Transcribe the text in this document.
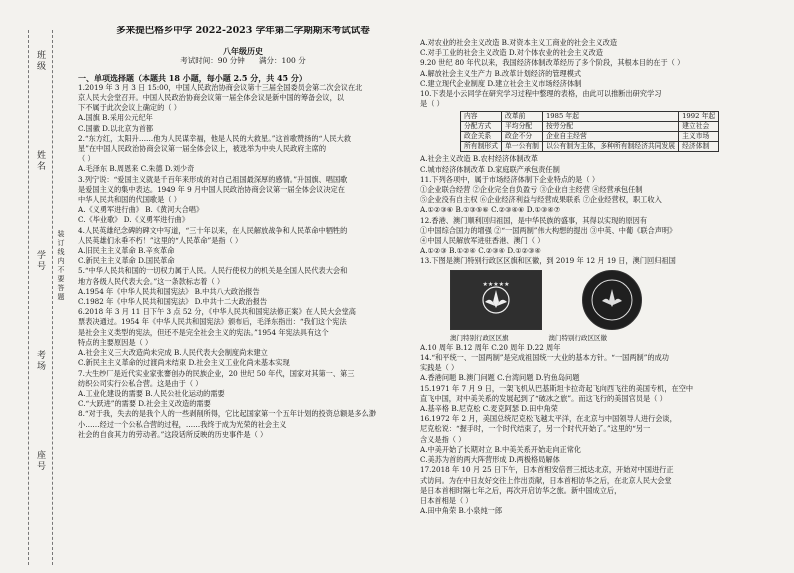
班级
姓名
学号
考场
座号
装订线内不要答题

多来提巴格乡中学 2022-2023 学年第二学期期末考试试卷

八年级历史

考试时间：90 分钟 满分：100 分

一、单项选择题（本题共 18 小题，每小题 2.5 分，共 45 分）

1.2019 年 3 月 3 日 15:00，中国人民政治协商会议第十三届全国委员会第二次会议在北

京人民大会堂召开。中国人民政治协商会议第一届全体会议是新中国的筹备会议，以

下不属于此次会议上确定的（ ）

A.国旗 B.采用公元纪年

C.国徽 D.以北京为首都

2.“东方红，太阳升……他为人民谋幸福，他是人民的大救星。”这首歌赞扬的“人民大救

星”在中国人民政治协商会议第一届全体会议上，被选举为中央人民政府主席的

（ ）

A.毛泽东 B.周恩来 C.朱德 D.刘少奇

3.列宁说：“爱国主义就是千百年来形成的对自己祖国最深厚的感情。”升国旗、唱国歌

是爱国主义的集中表达。1949 年 9 月中国人民政治协商会议第一届全体会议决定在

中华人民共和国的代国歌是（ ）

A.《义勇军进行曲》 B.《黄河大合唱》

C.《毕业歌》 D.《义勇军进行曲》

4.人民英雄纪念碑的碑文中写道，“三十年以来，在人民解放战争和人民革命中牺牲的

人民英雄们永垂不朽！”这里的“人民革命”是指（ ）

A.旧民主主义革命 B.辛亥革命

C.新民主主义革命 D.国民革命

5.“中华人民共和国的一切权力属于人民。人民行使权力的机关是全国人民代表大会和

地方各级人民代表大会。”这一条款标志着（ ）

A.1954 年《中华人民共和国宪法》 B.中共八大政治报告

C.1982 年《中华人民共和国宪法》 D.中共十二大政治报告

6.2018 年 3 月 11 日下午 3 点 52 分，《中华人民共和国宪法修正案》在人民大会堂高

票表决通过。1954 年《中华人民共和国宪法》颁布后，毛泽东指出：“我们这个宪法

是社会主义类型的宪法，但还不是完全社会主义的宪法。”1954 年宪法具有这个

特点的主要原因是（ ）

A.社会主义三大改造尚未完成 B.人民代表大会制度尚未建立

C.新民主主义革命的过渡尚未结束 D.社会主义工业化尚未基本实现

7.大生纱厂是近代实业家张謇创办的民族企业，20 世纪 50 年代，国家对其第一、第三

纺织公司实行公私合营。这是由于（ ）

A.工业化建设的需要 B.人民公社化运动的需要

C.“大跃进”的需要 D.社会主义改造的需要

8.“对于我，失去的是我个人的一些剥削所得，它比起国家第一个五年计划的投资总额是多么渺

小……经过一个公私合营的过程，……我终于成为光荣的社会主义

社会的自食其力的劳动者。”这段话所反映的历史事件是（ ）

A.对农业的社会主义改造 B.对资本主义工商业的社会主义改造

C.对手工业的社会主义改造 D.对个体农业的社会主义改造

9.20 世纪 80 年代以来，我国经济体制改革经历了多个阶段，其根本目的在于（ ）

A.解放社会主义生产力 B.改革计划经济的管理模式

C.建立现代企业制度 D.建立社会主义市场经济体制

10.下表是小云同学在研究学习过程中整理的表格，由此可以推断出研究学习

是（ ）

内容	改革前	1985 年起	1992 年起
分配方式	平均分配	按劳分配	建立社会
政企关系	政企不分	企业自主经营	主义市场
所有制形式	单一公有制	以公有制为主体，多种所有制经济共同发展	经济体制

A.社会主义改造 B.农村经济体制改革

C.城市经济体制改革 D.家庭联产承包责任制

11.下列各项中，属于市场经济体制下企业特点的是（ ）

①企业联合经营 ②企业完全自负盈亏 ③企业自主经营 ④经营承包任制

⑤企业没有自主权 ⑥企业经济利益与经营成果联系 ⑦企业经营权，职工收入

A.①②③⑥ B.①③⑤⑥ C.②③④⑥ D.①③④⑦

12.香港、澳门顺利回归祖国，是中华民族的盛事，其得以实现的原因有

①中国综合国力的增强 ②“一国两制”伟大构想的提出 ③中英、中葡《联合声明》

④中国人民解放军进驻香港、澳门（ ）

A.①②③ B.①②④ C.②③④ D.①②③④

13.下图是澳门特别行政区区旗和区徽，到 2019 年 12 月 19 日，澳门回归祖国

★★★★★

澳门特别行政区区旗	澳门特别行政区区徽

A.10 周年 B.12 周年 C.20 周年 D.22 周年

14.“和平统一、一国两制”是完成祖国统一大业的基本方针。“一国两制”的成功

实践是（ ）

A.香港问题 B.澳门问题 C.台湾问题 D.钓鱼岛问题

15.1971 年 7 月 9 日，一架飞机从巴基斯坦卡拉奇起飞向西飞往的美国专机，在空中

直飞中国，对中美关系的发展起到了“破冰之旅”。而这飞行的美国官员是（ ）

A.基辛格 B.尼克松 C.麦克阿瑟 D.田中角荣

16.1972 年 2 月，美国总统尼克松飞越太平洋，在北京与中国领导人进行会谈，

尼克松说：“握手时，一个时代结束了，另一个时代开始了。”这里的“另一

含义是指（ ）

A.中美开始了长期对立 B.中美关系开始走向正常化

C.美苏为首的两大阵营形成 D.两极格局解体

17.2018 年 10 月 25 日下午，日本首相安倍晋三抵达北京，开始对中国进行正

式访问。为在中日友好交往上作出贡献，日本首相访华之后，在北京人民大会堂

是日本首相时隔七年之后，再次开启访华之旅。新中国成立后，

日本首相是（ ）

A.田中角荣 B.小泉纯一郎
